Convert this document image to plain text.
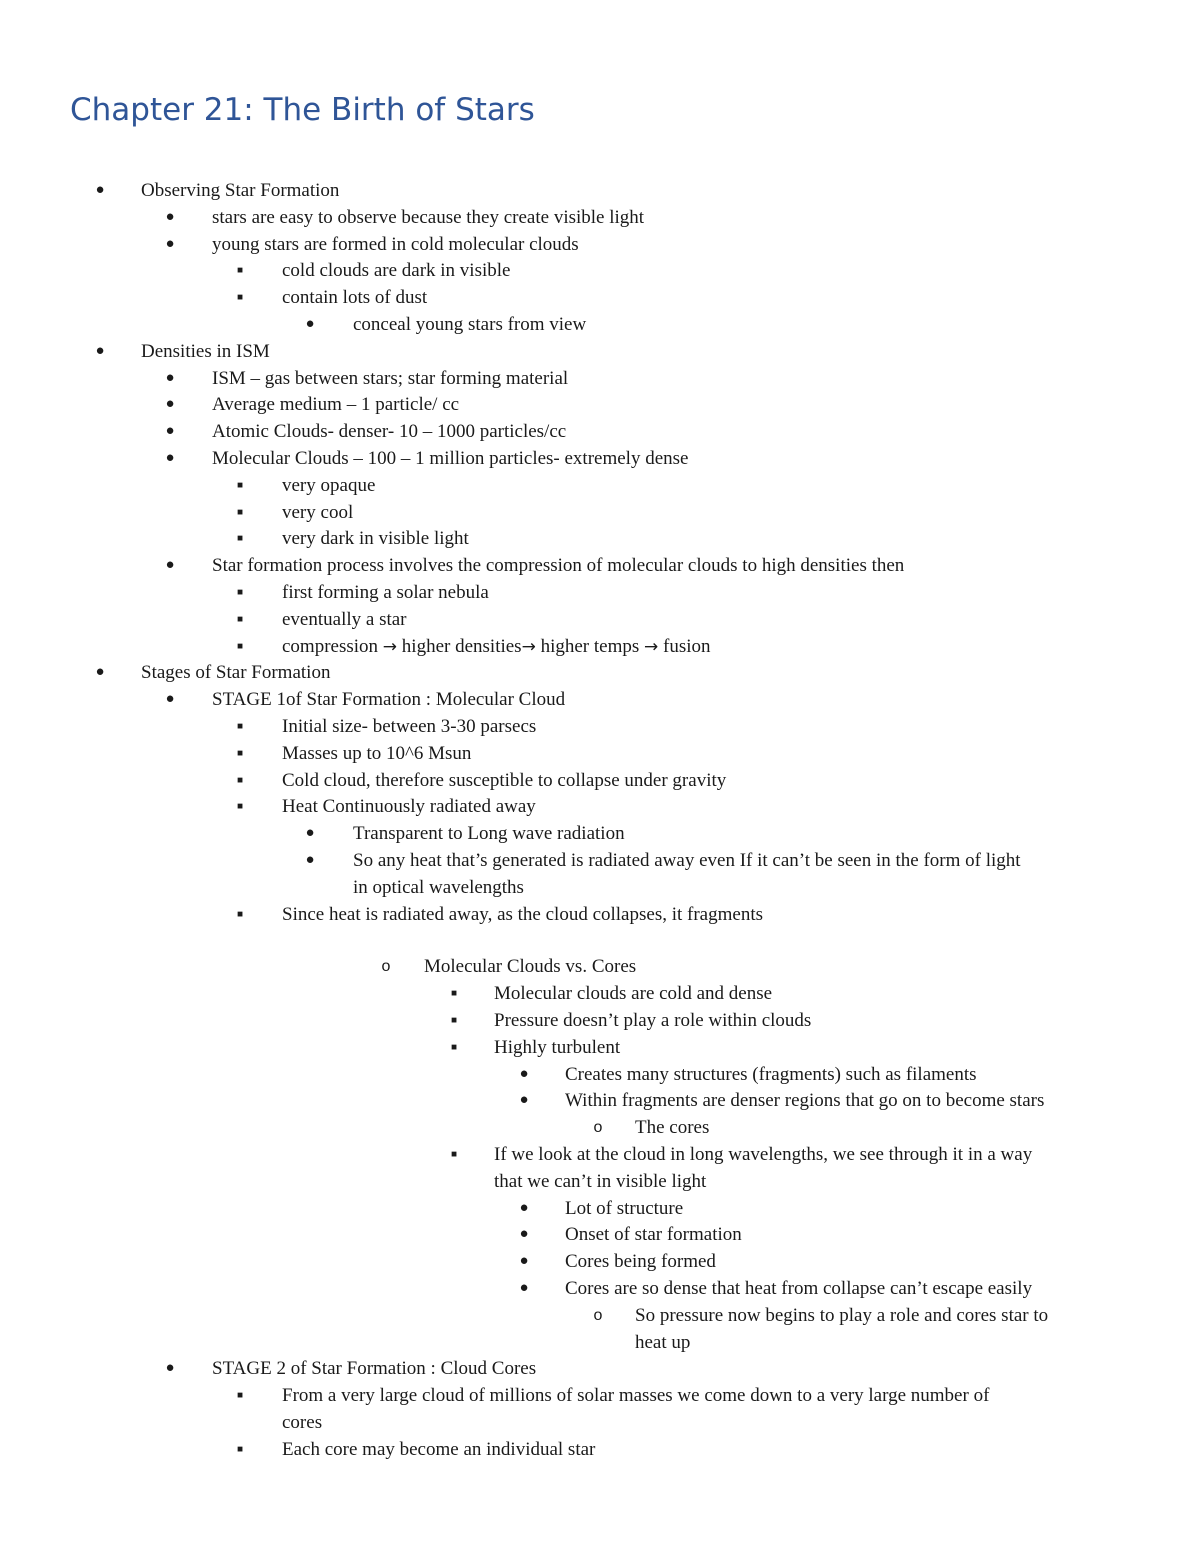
Chapter 21: The Birth of Stars
● Observing Star Formation
● stars are easy to observe because they create visible light
● young stars are formed in cold molecular clouds
■	cold clouds are dark in visible
■	contain lots of dust
● conceal young stars from view
● Densities in ISM
● ISM – gas between stars; star forming material
● Average medium – 1 particle/ cc
● Atomic Clouds- denser- 10 – 1000 particles/cc
● Molecular Clouds – 100 – 1 million particles- extremely dense
■	very opaque
■	very cool
■	very dark in visible light
● Star formation process involves the compression of molecular clouds to high densities then
■	first forming a solar nebula
■	eventually a star
■	compression → higher densities→ higher temps → fusion
● Stages of Star Formation
● STAGE 1of Star Formation : Molecular Cloud
■	Initial size- between 3-30 parsecs
■	Masses up to 10^6 Msun
■	Cold cloud, therefore susceptible to collapse under gravity
■	Heat Continuously radiated away
● Transparent to Long wave radiation
● So any heat that’s generated is radiated away even If it can’t be seen in the form of light
in optical wavelengths
■	Since heat is radiated away, as the cloud collapses, it fragments
o Molecular Clouds vs. Cores
■	Molecular clouds are cold and dense
■	Pressure doesn’t play a role within clouds
■	Highly turbulent
● Creates many structures (fragments) such as filaments
● Within fragments are denser regions that go on to become stars
o The cores
■	If we look at the cloud in long wavelengths, we see through it in a way
that we can’t in visible light
● Lot of structure
● Onset of star formation
● Cores being formed
● Cores are so dense that heat from collapse can’t escape easily
o So pressure now begins to play a role and cores star to
heat up
● STAGE 2 of Star Formation : Cloud Cores
■	From a very large cloud of millions of solar masses we come down to a very large number of
cores
■	Each core may become an individual star
